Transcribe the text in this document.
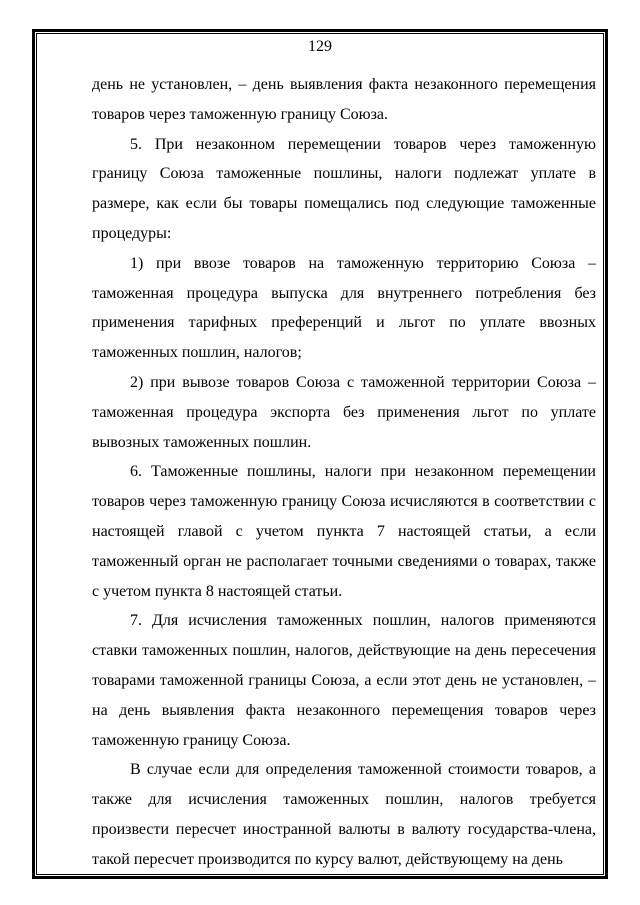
129

день не установлен, – день выявления факта незаконного перемещения товаров через таможенную границу Союза.

5. При незаконном перемещении товаров через таможенную границу Союза таможенные пошлины, налоги подлежат уплате в размере, как если бы товары помещались под следующие таможенные процедуры:

1) при ввозе товаров на таможенную территорию Союза – таможенная процедура выпуска для внутреннего потребления без применения тарифных преференций и льгот по уплате ввозных таможенных пошлин, налогов;

2) при вывозе товаров Союза с таможенной территории Союза – таможенная процедура экспорта без применения льгот по уплате вывозных таможенных пошлин.

6. Таможенные пошлины, налоги при незаконном перемещении товаров через таможенную границу Союза исчисляются в соответствии с настоящей главой с учетом пункта 7 настоящей статьи, а если таможенный орган не располагает точными сведениями о товарах, также с учетом пункта 8 настоящей статьи.

7. Для исчисления таможенных пошлин, налогов применяются ставки таможенных пошлин, налогов, действующие на день пересечения товарами таможенной границы Союза, а если этот день не установлен, – на день выявления факта незаконного перемещения товаров через таможенную границу Союза.

В случае если для определения таможенной стоимости товаров, а также для исчисления таможенных пошлин, налогов требуется произвести пересчет иностранной валюты в валюту государства-члена, такой пересчет производится по курсу валют, действующему на день
